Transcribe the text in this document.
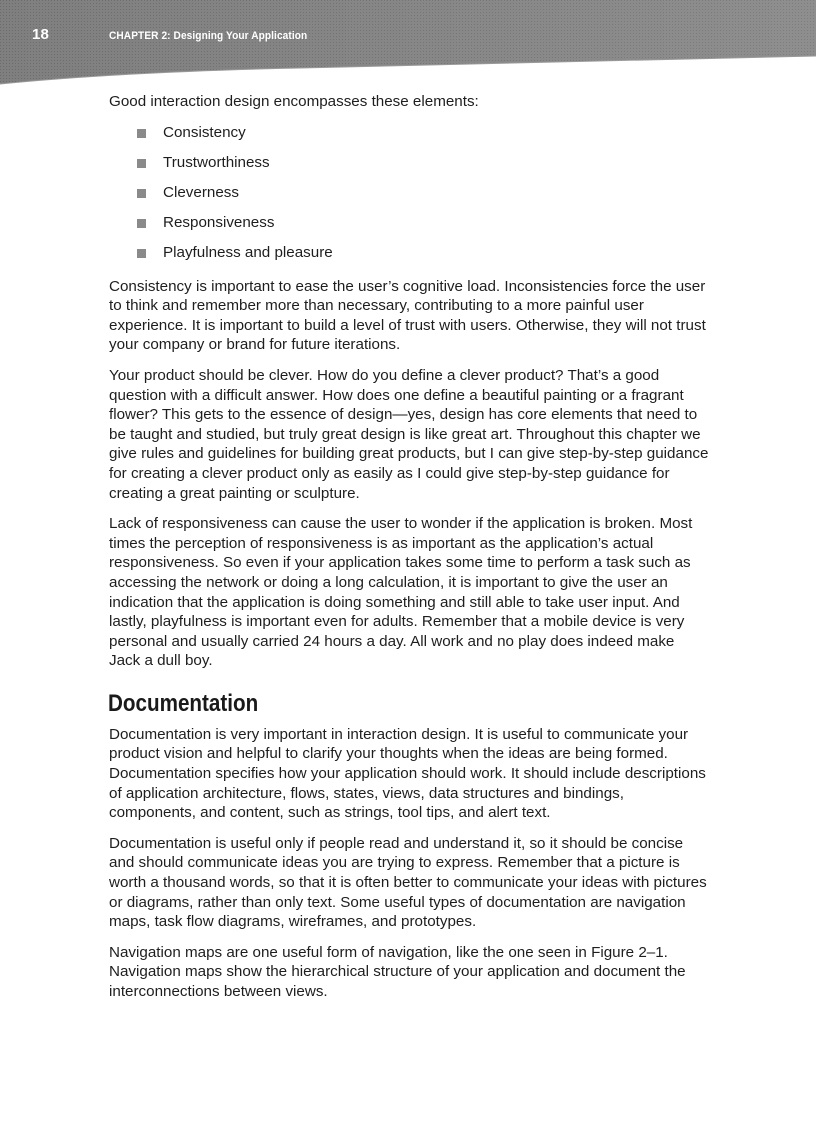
18	CHAPTER 2: Designing Your Application

Good interaction design encompasses these elements:

Consistency
Trustworthiness
Cleverness
Responsiveness
Playfulness and pleasure

Consistency is important to ease the user’s cognitive load. Inconsistencies force the user to think and remember more than necessary, contributing to a more painful user experience. It is important to build a level of trust with users. Otherwise, they will not trust your company or brand for future iterations.

Your product should be clever. How do you define a clever product? That’s a good question with a difficult answer. How does one define a beautiful painting or a fragrant flower? This gets to the essence of design—yes, design has core elements that need to be taught and studied, but truly great design is like great art. Throughout this chapter we give rules and guidelines for building great products, but I can give step-by-step guidance for creating a clever product only as easily as I could give step-by-step guidance for creating a great painting or sculpture.

Lack of responsiveness can cause the user to wonder if the application is broken. Most times the perception of responsiveness is as important as the application’s actual responsiveness. So even if your application takes some time to perform a task such as accessing the network or doing a long calculation, it is important to give the user an indication that the application is doing something and still able to take user input. And lastly, playfulness is important even for adults. Remember that a mobile device is very personal and usually carried 24 hours a day. All work and no play does indeed make Jack a dull boy.

Documentation

Documentation is very important in interaction design. It is useful to communicate your product vision and helpful to clarify your thoughts when the ideas are being formed. Documentation specifies how your application should work. It should include descriptions of application architecture, flows, states, views, data structures and bindings, components, and content, such as strings, tool tips, and alert text.

Documentation is useful only if people read and understand it, so it should be concise and should communicate ideas you are trying to express. Remember that a picture is worth a thousand words, so that it is often better to communicate your ideas with pictures or diagrams, rather than only text. Some useful types of documentation are navigation maps, task flow diagrams, wireframes, and prototypes.

Navigation maps are one useful form of navigation, like the one seen in Figure 2–1. Navigation maps show the hierarchical structure of your application and document the interconnections between views.
